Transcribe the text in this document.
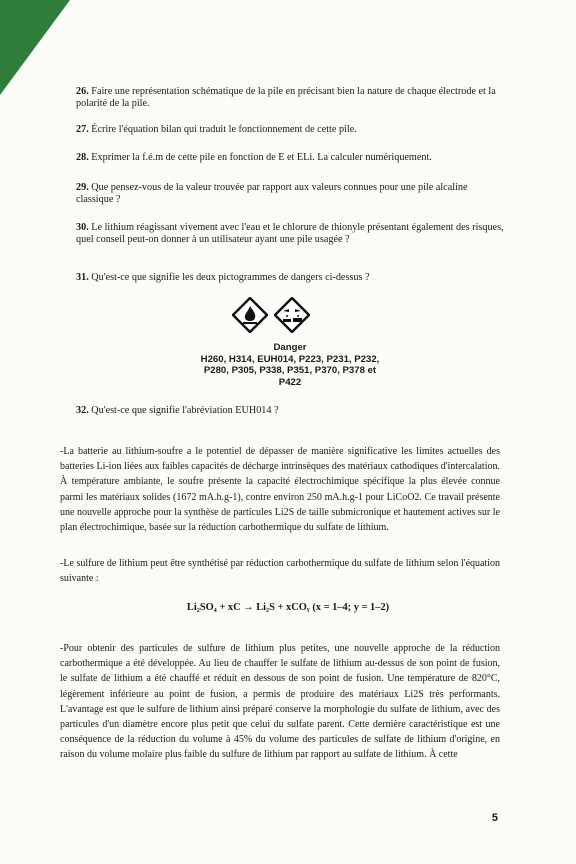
26. Faire une représentation schématique de la pile en précisant bien la nature de chaque électrode et la polarité de la pile.
27. Écrire l'équation bilan qui traduit le fonctionnement de cette pile.
28. Exprimer la f.é.m de cette pile en fonction de E et ELi. La calculer numériquement.
29. Que pensez-vous de la valeur trouvée par rapport aux valeurs connues pour une pile alcaline classique ?
30. Le lithium réagissant vivement avec l'eau et le chlorure de thionyle présentant également des risques, quel conseil peut-on donner à un utilisateur ayant une pile usagée ?
31. Qu'est-ce que signifie les deux pictogrammes de dangers ci-dessus ?
Danger
H260, H314, EUH014, P223, P231, P232,
P280, P305, P338, P351, P370, P378 et
P422
32. Qu'est-ce que signifie l'abréviation EUH014 ?
-La batterie au lithium-soufre a le potentiel de dépasser de manière significative les limites actuelles des batteries Li-ion liées aux faibles capacités de décharge intrinsèques des matériaux cathodiques d'intercalation. À température ambiante, le soufre présente la capacité électrochimique spécifique la plus élevée connue parmi les matériaux solides (1672 mA.h.g-1), contre environ 250 mA.h.g-1 pour LiCoO2. Ce travail présente une nouvelle approche pour la synthèse de particules Li2S de taille submicronique et hautement actives sur le plan électrochimique, basée sur la réduction carbothermique du sulfate de lithium.
-Le sulfure de lithium peut être synthétisé par réduction carbothermique du sulfate de lithium selon l'équation suivante :
Li₂SO₄ + xC → Li₂S + xCOᵧ (x = 1–4; y = 1–2)
-Pour obtenir des particules de sulfure de lithium plus petites, une nouvelle approche de la réduction carbothermique a été développée. Au lieu de chauffer le sulfate de lithium au-dessus de son point de fusion, le sulfate de lithium a été chauffé et réduit en dessous de son point de fusion. Une température de 820°C, légèrement inférieure au point de fusion, a permis de produire des matériaux Li2S très performants. L'avantage est que le sulfure de lithium ainsi préparé conserve la morphologie du sulfate de lithium, avec des particules d'un diamètre encore plus petit que celui du sulfate parent. Cette dernière caractéristique est une conséquence de la réduction du volume à 45% du volume des particules de sulfate de lithium d'origine, en raison du volume molaire plus faible du sulfure de lithium par rapport au sulfate de lithium. À cette
5
